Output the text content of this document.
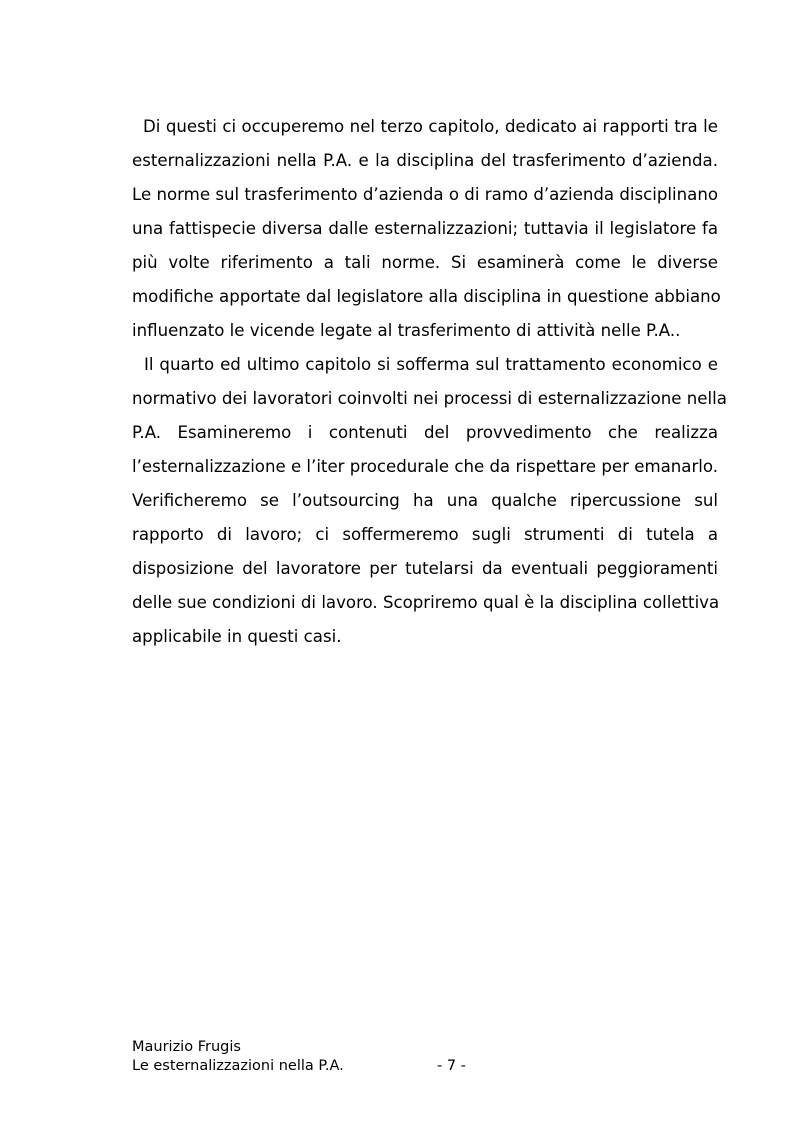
Di questi ci occuperemo nel terzo capitolo, dedicato ai rapporti tra le
esternalizzazioni nella P.A. e la disciplina del trasferimento d’azienda.
Le norme sul trasferimento d’azienda o di ramo d’azienda disciplinano
una fattispecie diversa dalle esternalizzazioni; tuttavia il legislatore fa
più volte riferimento a tali norme. Si esaminerà come le diverse
modifiche apportate dal legislatore alla disciplina in questione abbiano
influenzato le vicende legate al trasferimento di attività nelle P.A..
Il quarto ed ultimo capitolo si sofferma sul trattamento economico e
normativo dei lavoratori coinvolti nei processi di esternalizzazione nella
P.A. Esamineremo i contenuti del provvedimento che realizza
l’esternalizzazione e l’iter procedurale che da rispettare per emanarlo.
Verificheremo se l’outsourcing ha una qualche ripercussione sul
rapporto di lavoro; ci soffermeremo sugli strumenti di tutela a
disposizione del lavoratore per tutelarsi da eventuali peggioramenti
delle sue condizioni di lavoro. Scopriremo qual è la disciplina collettiva
applicabile in questi casi.
Maurizio Frugis
Le esternalizzazioni nella P.A.	- 7 -
